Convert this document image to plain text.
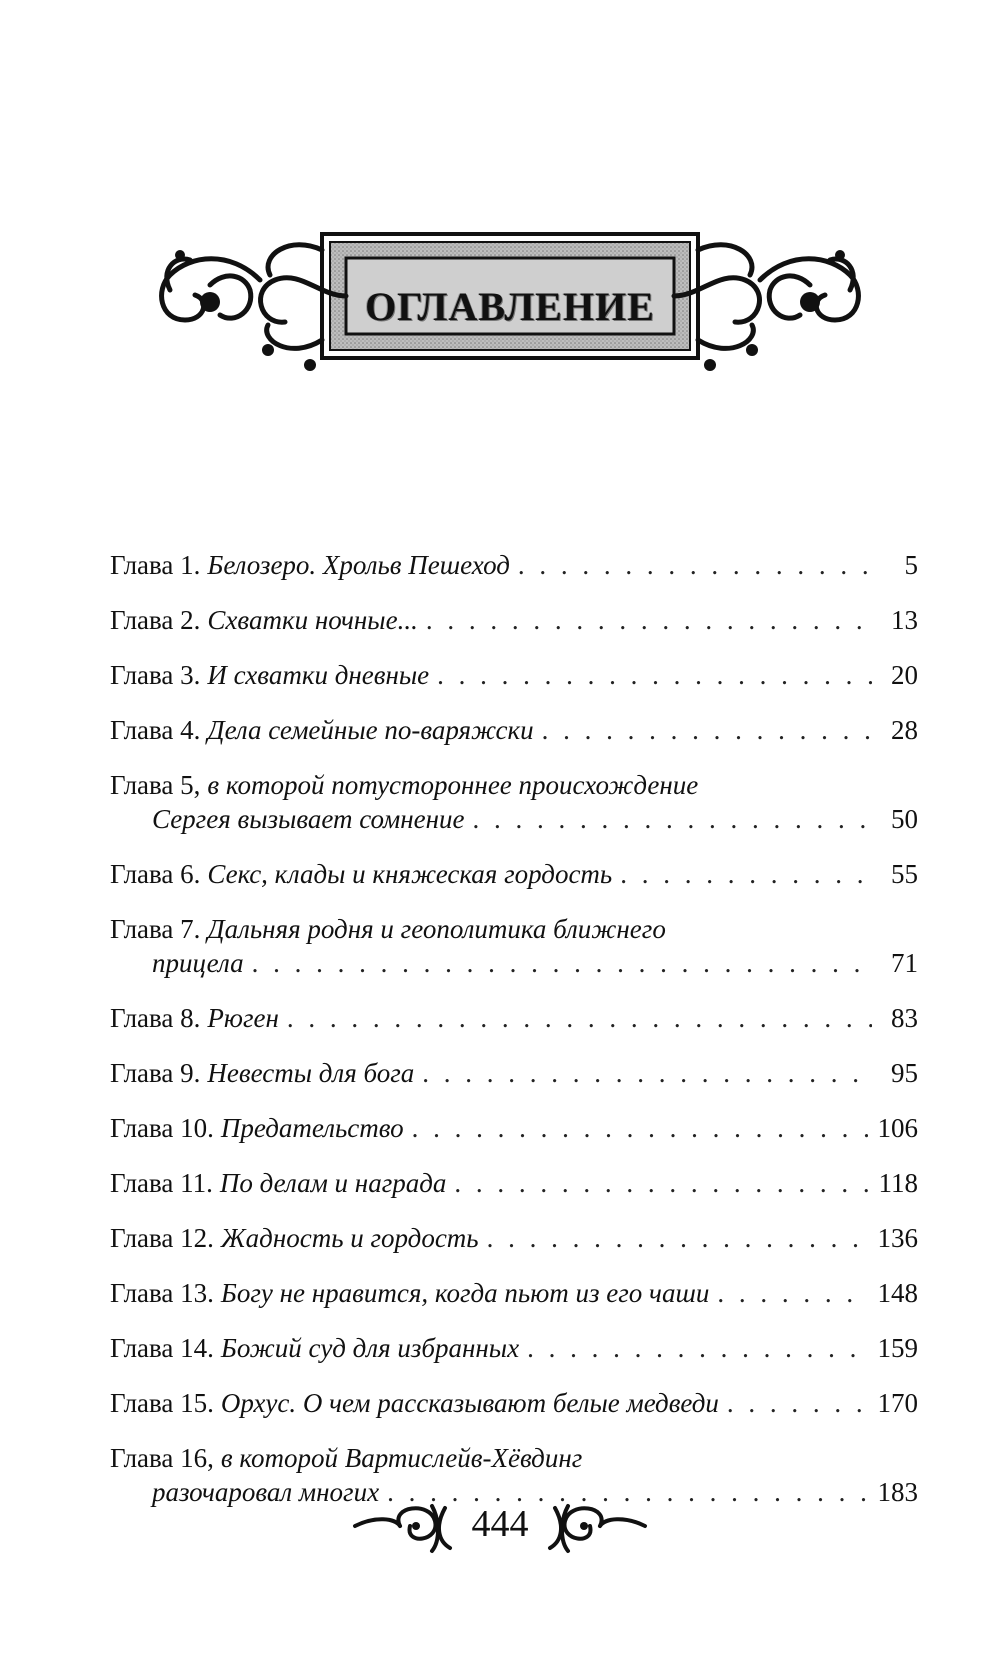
ОГЛАВЛЕНИЕ
Глава 1. Белозеро. Хрольв Пешеход . . .	5
Глава 2. Схватки ночные... . . .	13
Глава 3. И схватки дневные . . .	20
Глава 4. Дела семейные по-варяжски . . .	28
Глава 5, в которой потустороннее происхождение
Сергея вызывает сомнение . . .	50
Глава 6. Секс, клады и княжеская гордость . . .	55
Глава 7. Дальняя родня и геополитика ближнего
прицела . . .	71
Глава 8. Рюген . . .	83
Глава 9. Невесты для бога . . .	95
Глава 10. Предательство . . .	106
Глава 11. По делам и награда . . .	118
Глава 12. Жадность и гордость . . .	136
Глава 13. Богу не нравится, когда пьют из его чаши . . .	148
Глава 14. Божий суд для избранных . . .	159
Глава 15. Орхус. О чем рассказывают белые медведи . . .	170
Глава 16, в которой Вартислейв-Хёвдинг
разочаровал многих . . .	183
444
